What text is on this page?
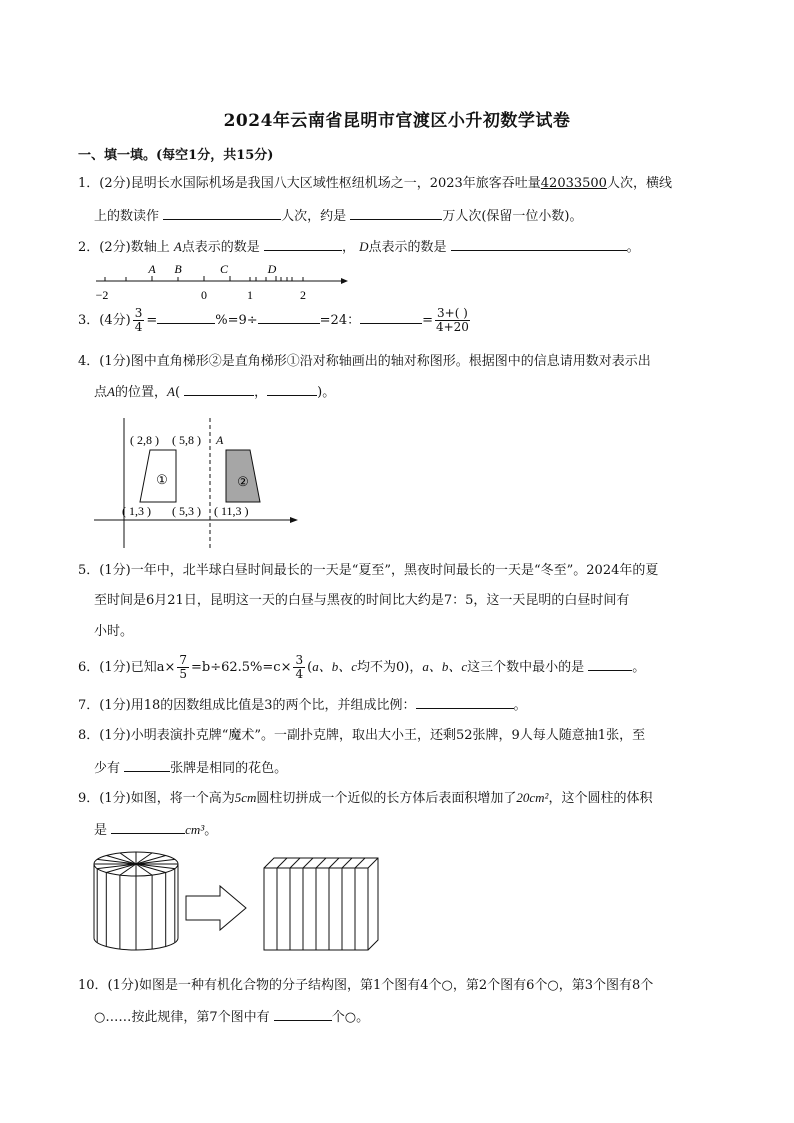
2024年云南省昆明市官渡区小升初数学试卷
一、填一填。(每空1分，共15分)
1．(2分)昆明长水国际机场是我国八大区域性枢纽机场之一，2023年旅客吞吐量42033500人次，横线
上的数读作	人次，约是	万人次(保留一位小数)。
2．(2分)数轴上 A点表示的数是	， D点表示的数是	。
A B	C	D
−2	0	1	2
3．(4分) $\frac{3}{4}$ =	%=9÷	=24：	= $\frac{3+( )}{4+20}$
4．(1分)图中直角梯形②是直角梯形①沿对称轴画出的轴对称图形。根据图中的信息请用数对表示出
点A的位置，A(	，	)。
①	②
( 2,8 ) ( 5,8 ) A
( 1,3 ) ( 5,3 ) ( 11,3 )
5．(1分)一年中，北半球白昼时间最长的一天是“夏至”，黑夜时间最长的一天是“冬至”。2024年的夏
至时间是6月21日，昆明这一天的白昼与黑夜的时间比大约是7：5，这一天昆明的白昼时间有
小时。
6．(1分)已知$a\times \frac{7}{5} =b\div 62.5\%=c\times \frac{3}{4} (a$、b、c均不为0)，a、b、c这三个数中最小的是	。
7．(1分)用18的因数组成比值是3的两个比，并组成比例：	。
8．(1分)小明表演扑克牌“魔术”。一副扑克牌，取出大小王，还剩52张牌，9人每人随意抽1张，至
少有	张牌是相同的花色。
9．(1分)如图，将一个高为5cm圆柱切拼成一个近似的长方体后表面积增加了20cm²，这个圆柱的体积
是	cm³。
10．(1分)如图是一种有机化合物的分子结构图，第1个图有4个○，第2个图有6个○，第3个图有8个
○……按此规律，第7个图中有	个○。
